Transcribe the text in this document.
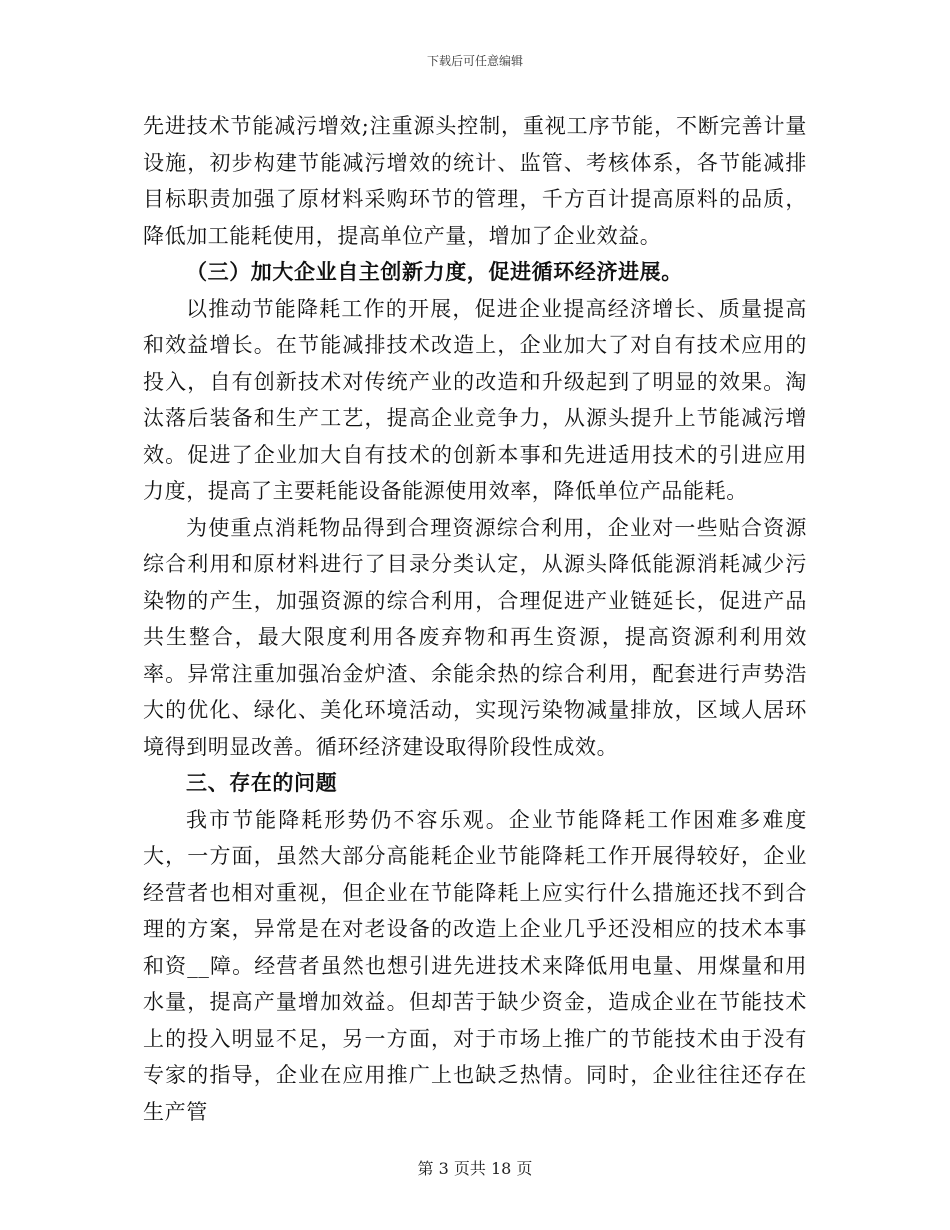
下载后可任意编辑

先进技术节能减污增效;注重源头控制，重视工序节能，不断完善计量设施，初步构建节能减污增效的统计、监管、考核体系，各节能减排目标职责加强了原材料采购环节的管理，千方百计提高原料的品质，降低加工能耗使用，提高单位产量，增加了企业效益。

（三）加大企业自主创新力度，促进循环经济进展。

以推动节能降耗工作的开展，促进企业提高经济增长、质量提高和效益增长。在节能减排技术改造上，企业加大了对自有技术应用的投入，自有创新技术对传统产业的改造和升级起到了明显的效果。淘汰落后装备和生产工艺，提高企业竞争力，从源头提升上节能减污增效。促进了企业加大自有技术的创新本事和先进适用技术的引进应用力度，提高了主要耗能设备能源使用效率，降低单位产品能耗。

为使重点消耗物品得到合理资源综合利用，企业对一些贴合资源综合利用和原材料进行了目录分类认定，从源头降低能源消耗减少污染物的产生，加强资源的综合利用，合理促进产业链延长，促进产品共生整合，最大限度利用各废弃物和再生资源，提高资源利利用效率。异常注重加强冶金炉渣、余能余热的综合利用，配套进行声势浩大的优化、绿化、美化环境活动，实现污染物减量排放，区域人居环境得到明显改善。循环经济建设取得阶段性成效。

三、存在的问题

我市节能降耗形势仍不容乐观。企业节能降耗工作困难多难度大，一方面，虽然大部分高能耗企业节能降耗工作开展得较好，企业经营者也相对重视，但企业在节能降耗上应实行什么措施还找不到合理的方案，异常是在对老设备的改造上企业几乎还没相应的技术本事和资__障。经营者虽然也想引进先进技术来降低用电量、用煤量和用水量，提高产量增加效益。但却苦于缺少资金，造成企业在节能技术上的投入明显不足，另一方面，对于市场上推广的节能技术由于没有专家的指导，企业在应用推广上也缺乏热情。同时，企业往往还存在生产管

第 3 页共 18 页
